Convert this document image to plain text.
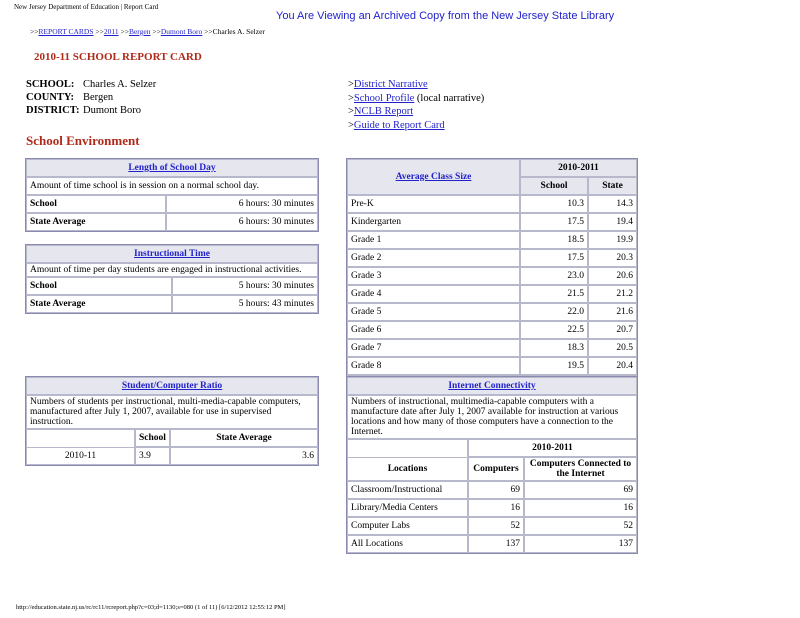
New Jersey Department of Education | Report Card
You Are Viewing an Archived Copy from the New Jersey State Library
>>REPORT CARDS >>2011 >>Bergen >>Dumont Boro >>Charles A. Selzer
2010-11 SCHOOL REPORT CARD
SCHOOL: Charles A. Selzer
COUNTY: Bergen
DISTRICT: Dumont Boro
>District Narrative
>School Profile (local narrative)
>NCLB Report
>Guide to Report Card
School Environment
Length of School Day	
Amount of time school is in session on a normal school day.	
School	6 hours: 30 minutes
State Average	6 hours: 30 minutes
Instructional Time	
Amount of time per day students are engaged in instructional activities.	
School	5 hours: 30 minutes
State Average	5 hours: 43 minutes
Average Class Size	2010-2011	
	School	State
Pre-K	10.3	14.3
Kindergarten	17.5	19.4
Grade 1	18.5	19.9
Grade 2	17.5	20.3
Grade 3	23.0	20.6
Grade 4	21.5	21.2
Grade 5	22.0	21.6
Grade 6	22.5	20.7
Grade 7	18.3	20.5
Grade 8	19.5	20.4

Student/Computer Ratio		
Numbers of students per instructional, multi-media-capable computers, manufactured after July 1, 2007, available for use in supervised instruction.		
	School	State Average
2010-11	3.9	3.6
Internet Connectivity		
Numbers of instructional, multimedia-capable computers with a manufacture date after July 1, 2007 available for instruction at various locations and how many of those computers have a connection to the Internet.		
	2010-2011	
Locations	Computers	Computers Connected to the Internet
Classroom/Instructional	69	69
Library/Media Centers	16	16
Computer Labs	52	52
All Locations	137	137
http://education.state.nj.us/rc/rc11/rcreport.php?c=03;d=1130;s=080 (1 of 11) [6/12/2012 12:55:12 PM]
